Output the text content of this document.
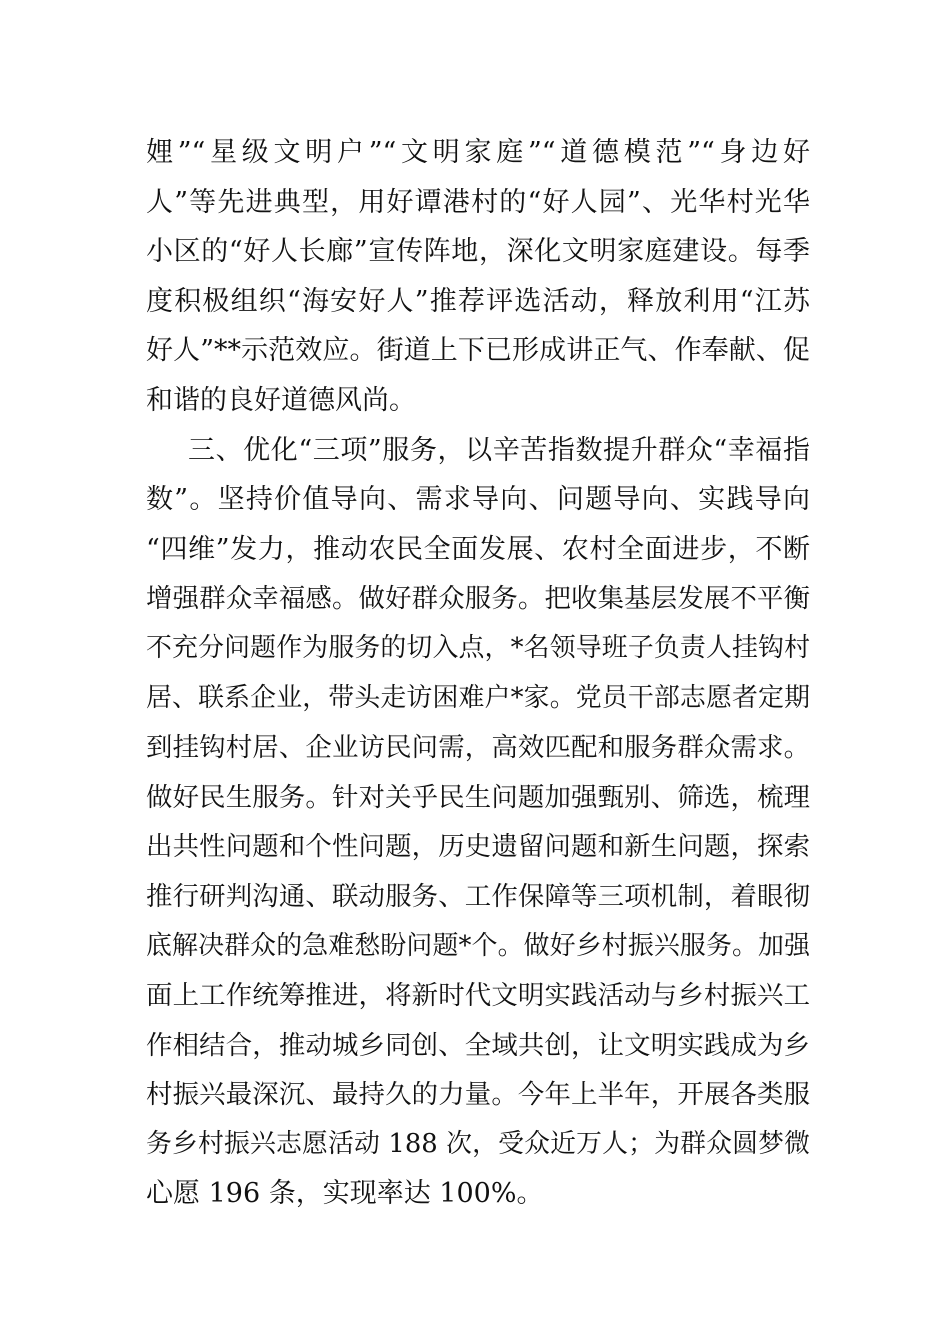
娌”“星级文明户”“文明家庭”“道德模范”“身边好
人”等先进典型，用好谭港村的“好人园”、光华村光华
小区的“好人长廊”宣传阵地，深化文明家庭建设。每季
度积极组织“海安好人”推荐评选活动，释放利用“江苏
好人”**示范效应。街道上下已形成讲正气、作奉献、促
和谐的良好道德风尚。
三、优化“三项”服务，以辛苦指数提升群众“幸福指
数”。坚持价值导向、需求导向、问题导向、实践导向
“四维”发力，推动农民全面发展、农村全面进步，不断
增强群众幸福感。做好群众服务。把收集基层发展不平衡
不充分问题作为服务的切入点，*名领导班子负责人挂钩村
居、联系企业，带头走访困难户*家。党员干部志愿者定期
到挂钩村居、企业访民问需，高效匹配和服务群众需求。
做好民生服务。针对关乎民生问题加强甄别、筛选，梳理
出共性问题和个性问题，历史遗留问题和新生问题，探索
推行研判沟通、联动服务、工作保障等三项机制，着眼彻
底解决群众的急难愁盼问题*个。做好乡村振兴服务。加强
面上工作统筹推进，将新时代文明实践活动与乡村振兴工
作相结合，推动城乡同创、全域共创，让文明实践成为乡
村振兴最深沉、最持久的力量。今年上半年，开展各类服
务乡村振兴志愿活动 188 次，受众近万人；为群众圆梦微
心愿 196 条，实现率达 100%。
